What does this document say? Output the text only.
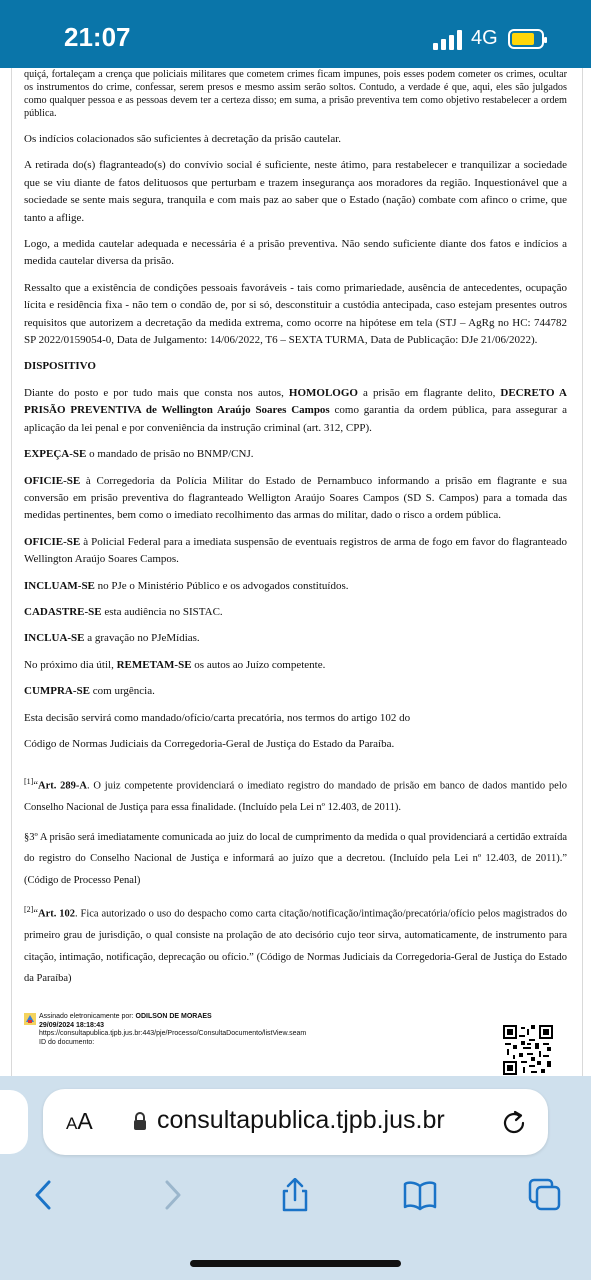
21:07	4G

quiçá, fortaleçam a crença que policiais militares que cometem crimes ficam impunes, pois esses podem cometer os crimes, ocultar os instrumentos do crime, confessar, serem presos e mesmo assim serão soltos. Contudo, a verdade é que, aqui, eles são julgados como qualquer pessoa e as pessoas devem ter a certeza disso; em suma, a prisão preventiva tem como objetivo restabelecer a ordem pública.

Os indícios colacionados são suficientes à decretação da prisão cautelar.

A retirada do(s) flagranteado(s) do convívio social é suficiente, neste átimo, para restabelecer e tranquilizar a sociedade que se viu diante de fatos delituosos que perturbam e trazem insegurança aos moradores da região. Inquestionável que a sociedade se sente mais segura, tranquila e com mais paz ao saber que o Estado (nação) combate com afinco o crime, que tanto a aflige.

Logo, a medida cautelar adequada e necessária é a prisão preventiva. Não sendo suficiente diante dos fatos e indícios a medida cautelar diversa da prisão.

Ressalto que a existência de condições pessoais favoráveis - tais como primariedade, ausência de antecedentes, ocupação lícita e residência fixa - não tem o condão de, por si só, desconstituir a custódia antecipada, caso estejam presentes outros requisitos que autorizem a decretação da medida extrema, como ocorre na hipótese em tela (STJ – AgRg no HC: 744782 SP 2022/0159054-0, Data de Julgamento: 14/06/2022, T6 – SEXTA TURMA, Data de Publicação: DJe 21/06/2022).

DISPOSITIVO

Diante do posto e por tudo mais que consta nos autos, HOMOLOGO a prisão em flagrante delito, DECRETO A PRISÃO PREVENTIVA de Wellington Araújo Soares Campos como garantia da ordem pública, para assegurar a aplicação da lei penal e por conveniência da instrução criminal (art. 312, CPP).

EXPEÇA-SE o mandado de prisão no BNMP/CNJ.

OFICIE-SE à Corregedoria da Polícia Militar do Estado de Pernambuco informando a prisão em flagrante e sua conversão em prisão preventiva do flagranteado Welligton Araújo Soares Campos (SD S. Campos) para a tomada das medidas pertinentes, bem como o imediato recolhimento das armas do militar, dado o risco a ordem pública.

OFICIE-SE à Policial Federal para a imediata suspensão de eventuais registros de arma de fogo em favor do flagranteado Wellington Araújo Soares Campos.

INCLUAM-SE no PJe o Ministério Público e os advogados constituídos.

CADASTRE-SE esta audiência no SISTAC.

INCLUA-SE a gravação no PJeMídias.

No próximo dia útil, REMETAM-SE os autos ao Juízo competente.

CUMPRA-SE com urgência.

Esta decisão servirá como mandado/ofício/carta precatória, nos termos do artigo 102 do

Código de Normas Judiciais da Corregedoria-Geral de Justiça do Estado da Paraíba.

[1]“Art. 289-A. O juiz competente providenciará o imediato registro do mandado de prisão em banco de dados mantido pelo Conselho Nacional de Justiça para essa finalidade. (Incluído pela Lei nº 12.403, de 2011).

§3º A prisão será imediatamente comunicada ao juiz do local de cumprimento da medida o qual providenciará a certidão extraída do registro do Conselho Nacional de Justiça e informará ao juízo que a decretou. (Incluído pela Lei nº 12.403, de 2011).” (Código de Processo Penal)

[2]“Art. 102. Fica autorizado o uso do despacho como carta citação/notificação/intimação/precatória/ofício pelos magistrados do primeiro grau de jurisdição, o qual consiste na prolação de ato decisório cujo teor sirva, automaticamente, de instrumento para citação, intimação, notificação, deprecação ou ofício.” (Código de Normas Judiciais da Corregedoria-Geral de Justiça do Estado da Paraíba)

Assinado eletronicamente por: ODILSON DE MORAES
29/09/2024 18:18:43
https://consultapublica.tjpb.jus.br:443/pje/Processo/ConsultaDocumento/listView.seam
ID do documento:
AA	consultapublica.tjpb.jus.br
